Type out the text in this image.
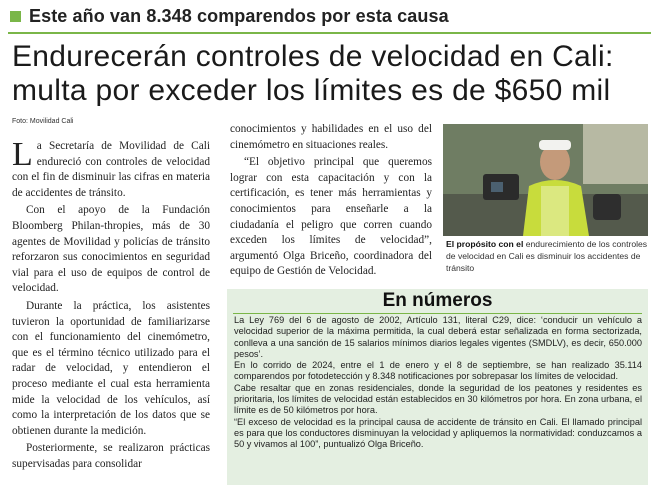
Este año van 8.348 comparendos por esta causa
Endurecerán controles de velocidad en Cali:
multa por exceder los límites es de $650 mil
Foto: Movilidad Cali

La Secretaría de Movilidad de Cali endureció con controles de velocidad con el fin de disminuir las cifras en materia de accidentes de tránsito.

Con el apoyo de la Fundación Bloomberg Philan-thropies, más de 30 agentes de Movilidad y policías de tránsito reforzaron sus conocimientos en seguridad vial para el uso de equipos de control de velocidad.

Durante la práctica, los asistentes tuvieron la oportunidad de familiarizarse con el funcionamiento del cinemómetro, que es el término técnico utilizado para el radar de velocidad, y entendieron el proceso mediante el cual esta herramienta mide la velocidad de los vehículos, así como la interpretación de los datos que se obtienen durante la medición.

Posteriormente, se realizaron prácticas supervisadas para consolidar

conocimientos y habilidades en el uso del cinemómetro en situaciones reales.

“El objetivo principal que queremos lograr con esta capacitación y con la certificación, es tener más herramientas y conocimientos para enseñarle a la ciudadanía el peligro que corren cuando exceden los límites de velocidad”, argumentó Olga Briceño, coordinadora del equipo de Gestión de Velocidad.

El propósito con el endurecimiento de los controles de velocidad en Cali es disminuir los accidentes de tránsito
En números

La Ley 769 del 6 de agosto de 2002, Artículo 131, literal C29, dice: ‘conducir un vehículo a velocidad superior de la máxima permitida, la cual deberá estar señalizada en forma sectorizada, conlleva a una sanción de 15 salarios mínimos diarios legales vigentes (SMDLV), es decir, 650.000 pesos’.

En lo corrido de 2024, entre el 1 de enero y el 8 de septiembre, se han realizado 35.114 comparendos por fotodetección y 8.348 notificaciones por sobrepasar los límites de velocidad.

Cabe resaltar que en zonas residenciales, donde la seguridad de los peatones y residentes es prioritaria, los límites de velocidad están establecidos en 30 kilómetros por hora. En zona urbana, el límite es de 50 kilómetros por hora.

“El exceso de velocidad es la principal causa de accidente de tránsito en Cali. El llamado principal es para que los conductores disminuyan la velocidad y apliquemos la normatividad: conduzcamos a 50 y vivamos al 100”, puntualizó Olga Briceño.
